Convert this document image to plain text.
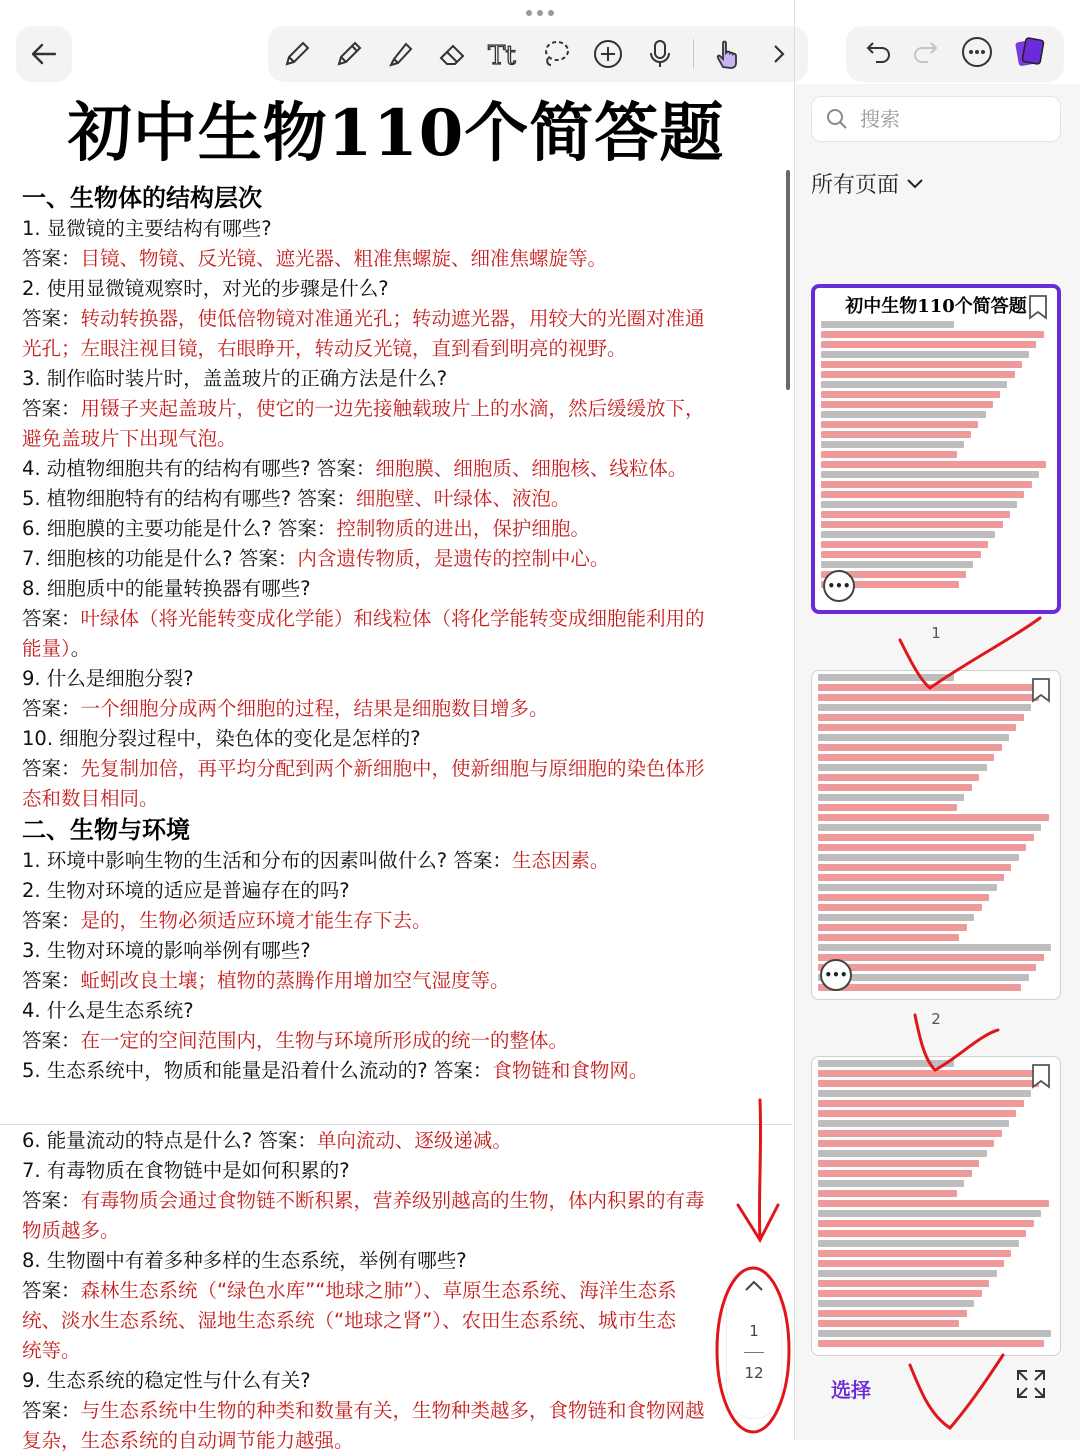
Tt
初中生物110个简答题
一、生物体的结构层次
1. 显微镜的主要结构有哪些?
答案：目镜、物镜、反光镜、遮光器、粗准焦螺旋、细准焦螺旋等。
2. 使用显微镜观察时，对光的步骤是什么?
答案：转动转换器，使低倍物镜对准通光孔；转动遮光器，用较大的光圈对准通
光孔；左眼注视目镜，右眼睁开，转动反光镜，直到看到明亮的视野。
3. 制作临时装片时，盖盖玻片的正确方法是什么?
答案：用镊子夹起盖玻片，使它的一边先接触载玻片上的水滴，然后缓缓放下，
避免盖玻片下出现气泡。
4. 动植物细胞共有的结构有哪些? 答案：细胞膜、细胞质、细胞核、线粒体。
5. 植物细胞特有的结构有哪些? 答案：细胞壁、叶绿体、液泡。
6. 细胞膜的主要功能是什么? 答案：控制物质的进出，保护细胞。
7. 细胞核的功能是什么? 答案：内含遗传物质，是遗传的控制中心。
8. 细胞质中的能量转换器有哪些?
答案：叶绿体（将光能转变成化学能）和线粒体（将化学能转变成细胞能利用的
能量）。
9. 什么是细胞分裂?
答案：一个细胞分成两个细胞的过程，结果是细胞数目增多。
10. 细胞分裂过程中，染色体的变化是怎样的?
答案：先复制加倍，再平均分配到两个新细胞中，使新细胞与原细胞的染色体形
态和数目相同。
二、生物与环境
1. 环境中影响生物的生活和分布的因素叫做什么? 答案：生态因素。
2. 生物对环境的适应是普遍存在的吗?
答案：是的，生物必须适应环境才能生存下去。
3. 生物对环境的影响举例有哪些?
答案：蚯蚓改良土壤；植物的蒸腾作用增加空气湿度等。
4. 什么是生态系统?
答案：在一定的空间范围内，生物与环境所形成的统一的整体。
5. 生态系统中，物质和能量是沿着什么流动的? 答案：食物链和食物网。
6. 能量流动的特点是什么? 答案：单向流动、逐级递减。
7. 有毒物质在食物链中是如何积累的?
答案：有毒物质会通过食物链不断积累，营养级别越高的生物，体内积累的有毒
物质越多。
8. 生物圈中有着多种多样的生态系统，举例有哪些?
答案：森林生态系统（“绿色水库”“地球之肺”）、草原生态系统、海洋生态系
统、淡水生态系统、湿地生态系统（“地球之肾”）、农田生态系统、城市生态
统等。
9. 生态系统的稳定性与什么有关?
答案：与生态系统中生物的种类和数量有关，生物种类越多，食物链和食物网越
复杂，生态系统的自动调节能力越强。
1
12
搜索
所有页面
初中生物110个简答题
•••
1
•••
2
选择
